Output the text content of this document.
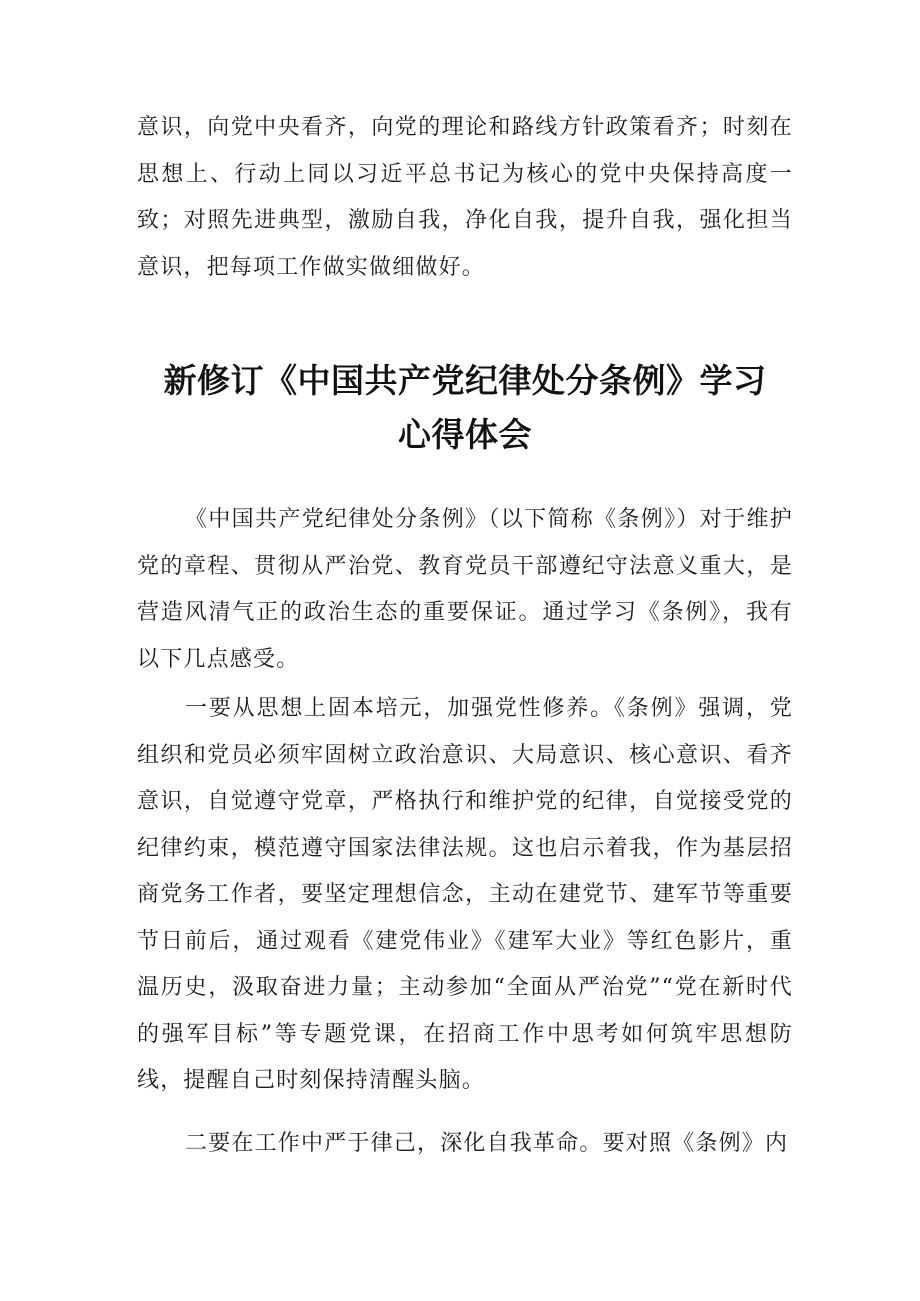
意识，向党中央看齐，向党的理论和路线方针政策看齐；时刻在思想上、行动上同以习近平总书记为核心的党中央保持高度一致；对照先进典型，激励自我，净化自我，提升自我，强化担当意识，把每项工作做实做细做好。

新修订《中国共产党纪律处分条例》学习
心得体会

《中国共产党纪律处分条例》（以下简称《条例》）对于维护党的章程、贯彻从严治党、教育党员干部遵纪守法意义重大，是营造风清气正的政治生态的重要保证。通过学习《条例》，我有以下几点感受。

一要从思想上固本培元，加强党性修养。《条例》强调，党组织和党员必须牢固树立政治意识、大局意识、核心意识、看齐意识，自觉遵守党章，严格执行和维护党的纪律，自觉接受党的纪律约束，模范遵守国家法律法规。这也启示着我，作为基层招商党务工作者，要坚定理想信念，主动在建党节、建军节等重要节日前后，通过观看《建党伟业》《建军大业》等红色影片，重温历史，汲取奋进力量；主动参加“全面从严治党”“党在新时代的强军目标”等专题党课，在招商工作中思考如何筑牢思想防线，提醒自己时刻保持清醒头脑。

二要在工作中严于律己，深化自我革命。要对照《条例》内
